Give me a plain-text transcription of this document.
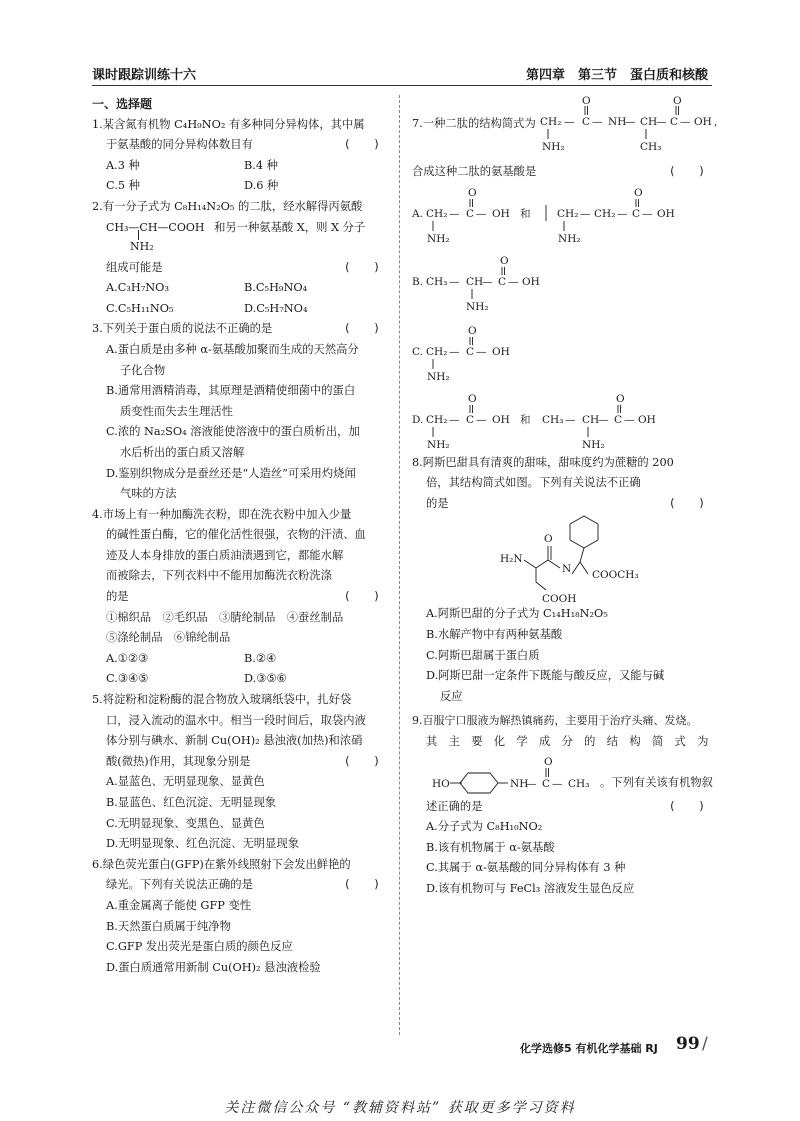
课时跟踪训练十六	第四章　第三节　蛋白质和核酸
一、选择题
1.某含氮有机物 C₄H₉NO₂ 有多种同分异构体，其中属
于氨基酸的同分异构体数目有	(　　)
A.3 种	B.4 种
C.5 种	D.6 种
2.有一分子式为 C₈H₁₄N₂O₅ 的二肽，经水解得丙氨酸
CH₃—CH—COOH 和另一种氨基酸 X，则 X 分子
NH₂
组成可能是	(　　)
A.C₃H₇NO₃	B.C₅H₉NO₄
C.C₅H₁₁NO₅	D.C₅H₇NO₄
3.下列关于蛋白质的说法不正确的是	(　　)
A.蛋白质是由多种 α-氨基酸加聚而生成的天然高分
子化合物
B.通常用酒精消毒，其原理是酒精使细菌中的蛋白
质变性而失去生理活性
C.浓的 Na₂SO₄ 溶液能使溶液中的蛋白质析出，加
水后析出的蛋白质又溶解
D.鉴别织物成分是蚕丝还是“人造丝”可采用灼烧闻
气味的方法
4.市场上有一种加酶洗衣粉，即在洗衣粉中加入少量
的碱性蛋白酶，它的催化活性很强，衣物的汗渍、血
迹及人本身排放的蛋白质油渍遇到它，都能水解
而被除去，下列衣料中不能用加酶洗衣粉洗涤
的是	(　　)
①棉织品　②毛织品　③腈纶制品　④蚕丝制品
⑤涤纶制品　⑥锦纶制品
A.①②③	B.②④
C.③④⑤	D.③⑤⑥
5.将淀粉和淀粉酶的混合物放入玻璃纸袋中，扎好袋
口，浸入流动的温水中。相当一段时间后，取袋内液
体分别与碘水、新制 Cu(OH)₂ 悬浊液(加热)和浓硝
酸(微热)作用，其现象分别是	(　　)
A.显蓝色、无明显现象、显黄色
B.显蓝色、红色沉淀、无明显现象
C.无明显现象、变黑色、显黄色
D.无明显现象、红色沉淀、无明显现象
6.绿色荧光蛋白(GFP)在紫外线照射下会发出鲜艳的
绿光。下列有关说法正确的是	(　　)
A.重金属离子能使 GFP 变性
B.天然蛋白质属于纯净物
C.GFP 发出荧光是蛋白质的颜色反应
D.蛋白质通常用新制 Cu(OH)₂ 悬浊液检验
7.一种二肽的结构简式为
O
CH₂ — C — NH
— CH
— C — OH ,
O
NH₂	CH₃
合成这种二肽的氨基酸是	(　　)
A. CH₂ — C — OH
O
NH₂
和	CH₂ — CH₂ — C — OH
O
NH₂
B. CH₃ — CH
— C — OH
O
NH₂
C. CH₂ — C — OH
O
NH₂
D. CH₂ — C — OH
O
NH₂
和 CH₃ — CH
— C — OH
O
NH₂
8.阿斯巴甜具有清爽的甜味，甜味度约为蔗糖的 200
倍，其结构简式如图。下列有关说法不正确
的是	(　　)
COOCH₃
N
O
H₂N
COOH
A.阿斯巴甜的分子式为 C₁₄H₁₈N₂O₅
B.水解产物中有两种氨基酸
C.阿斯巴甜属于蛋白质
D.阿斯巴甜一定条件下既能与酸反应，又能与碱
反应
9.百服宁口服液为解热镇痛药，主要用于治疗头痛、发烧。
其　主　要　化　学　成　分　的　结　构　简　式　为
HO	NH
— C — CH₃
O
。下列有关该有机物叙
述正确的是	(　　)
A.分子式为 C₈H₁₀NO₂
B.该有机物属于 α-氨基酸
C.其属于 α-氨基酸的同分异构体有 3 种
D.该有机物可与 FeCl₃ 溶液发生显色反应
化学选修5 有机化学基础 RJ 99 /
关注微信公众号 “教辅资料站” 获取更多学习资料
